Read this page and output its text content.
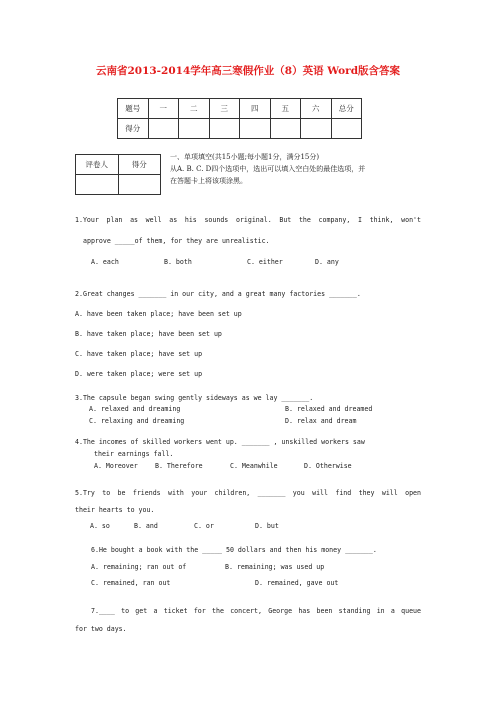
云南省2013-2014学年高三寒假作业（8）英语 Word版含答案
题号	一	二	三	四	五	六	总分
得分							
评卷人	得分

一、单项填空(共15小题;每小题1分，满分15分)
从A. B. C. D四个选项中，选出可以填入空白处的最佳选项，并
在答题卡上将该项涂黑。
1.Your plan as well as his sounds original. But the company, I think, won't
approve _____of them, for they are unrealistic.
A. each	B. both	C. either	D. any
2.Great changes _______ in our city, and a great many factories _______.
A. have been taken place; have been set up
B. have taken place; have been set up
C. have taken place; have set up
D. were taken place; were set up
3.The capsule began swing gently sideways as we lay _______.
A. relaxed and dreaming	B. relaxed and dreamed
C. relaxing and dreaming	D. relax and dream
4.The incomes of skilled workers went up. _______ , unskilled workers saw
their earnings fall.
A. Moreover	B. Therefore	C. Meanwhile	D. Otherwise
5.Try to be friends with your children, _______ you will find they will open
their hearts to you.
A. so	B. and	C. or	D. but
6.He bought a book with the _____ 50 dollars and then his money _______.
A. remaining; ran out of	B. remaining; was used up
C. remained, ran out	D. remained, gave out
7.____ to get a ticket for the concert, George has been standing in a queue
for two days.
